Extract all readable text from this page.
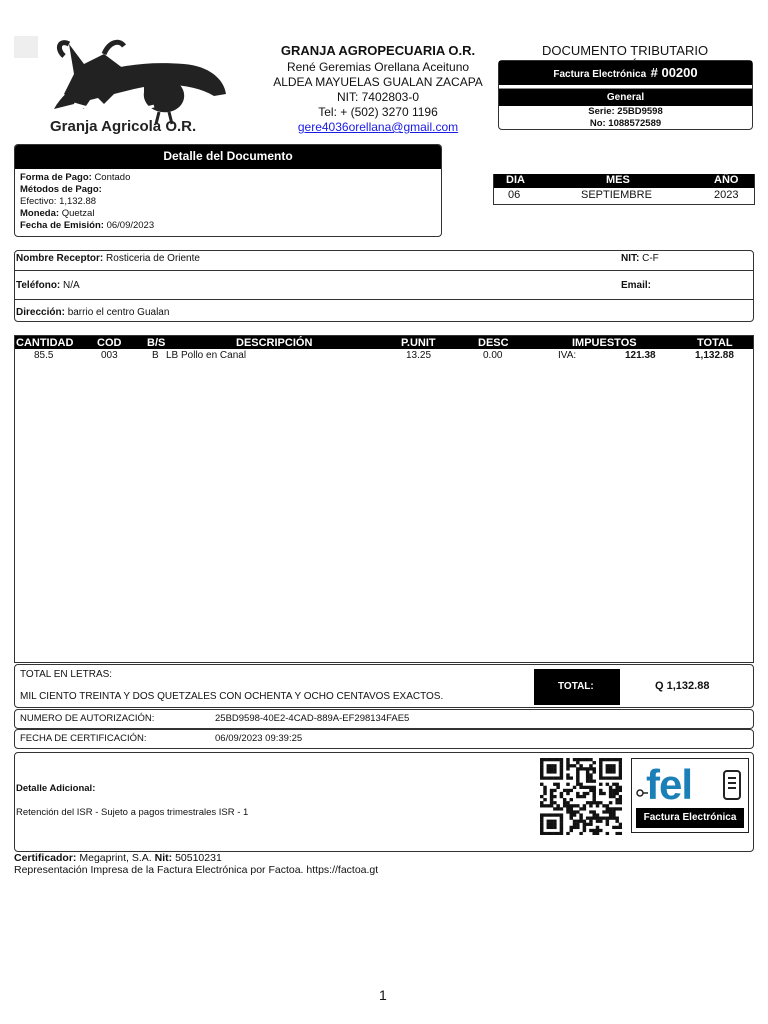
Granja Agricola O.R.
GRANJA AGROPECUARIA O.R.
René Geremias Orellana Aceituno
ALDEA MAYUELAS GUALAN ZACAPA
NIT: 7402803-0
Tel: + (502) 3270 1196
gere4036orellana@gmail.com
DOCUMENTO TRIBUTARIO
Factura Electrónica # 00200
General
Serie: 25BD9598
No: 1088572589
Detalle del Documento
Forma de Pago: Contado
Métodos de Pago:
Efectivo: 1,132.88
Moneda: Quetzal
Fecha de Emisión: 06/09/2023
DIA	MES	AÑO
06	SEPTIEMBRE	2023
Nombre Receptor: Rosticeria de Oriente	NIT: C-F
Teléfono: N/A	Email:
Dirección: barrio el centro Gualan
CANTIDAD COD B/S	DESCRIPCIÓN	P.UNIT	DESC	IMPUESTOS	TOTAL
85.5	003	B LB Pollo en Canal	13.25	0.00	IVA:	121.38	1,132.88
TOTAL EN LETRAS:
MIL CIENTO TREINTA Y DOS QUETZALES CON OCHENTA Y OCHO CENTAVOS EXACTOS.
TOTAL:	Q 1,132.88
NUMERO DE AUTORIZACIÓN:	25BD9598-40E2-4CAD-889A-EF298134FAE5
FECHA DE CERTIFICACIÓN:	06/09/2023 09:39:25
Detalle Adicional:
Retención del ISR - Sujeto a pagos trimestrales ISR - 1
fel
Factura Electrónica
Certificador: Megaprint, S.A. Nit: 50510231
Representación Impresa de la Factura Electrónica por Factoa. https://factoa.gt
1
